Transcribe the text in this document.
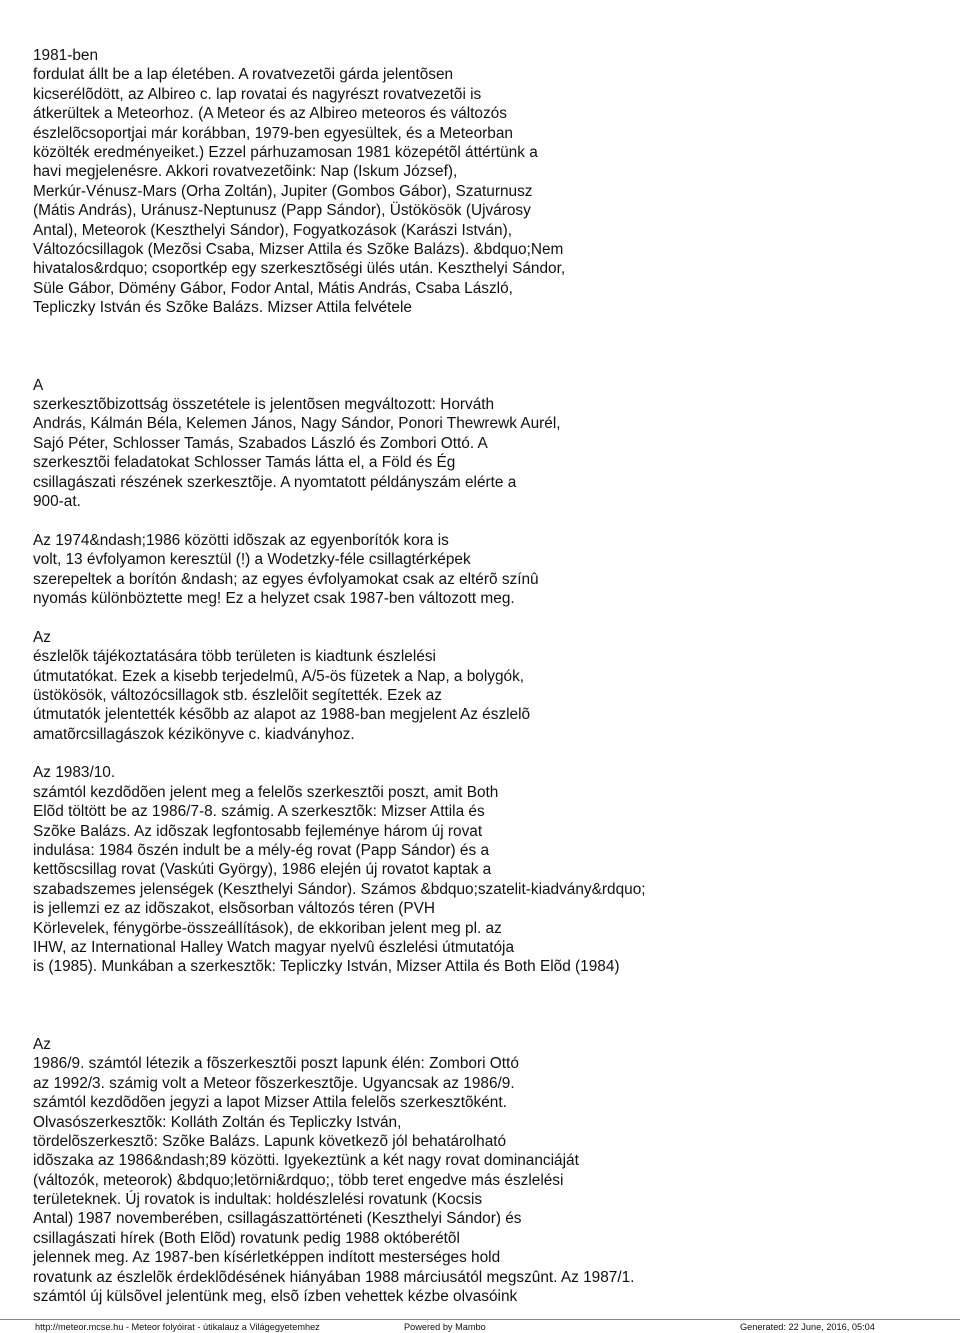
1981-ben
fordulat állt be a lap életében. A rovatvezetõi gárda jelentõsen
kicserélõdött, az Albireo c. lap rovatai és nagyrészt rovatvezetõi is
átkerültek a Meteorhoz. (A Meteor és az Albireo meteoros és változós
észlelõcsoportjai már korábban, 1979-ben egyesültek, és a Meteorban
közölték eredményeiket.) Ezzel párhuzamosan 1981 közepétõl áttértünk a
havi megjelenésre. Akkori rovatvezetõink: Nap (Iskum József),
Merkúr-Vénusz-Mars (Orha Zoltán), Jupiter (Gombos Gábor), Szaturnusz
(Mátis András), Uránusz-Neptunusz (Papp Sándor), Üstökösök (Ujvárosy
Antal), Meteorok (Keszthelyi Sándor), Fogyatkozások (Karászi István),
Változócsillagok (Mezõsi Csaba, Mizser Attila és Szõke Balázs). &bdquo;Nem
hivatalos&rdquo; csoportkép egy szerkesztõségi ülés után. Keszthelyi Sándor,
Süle Gábor, Dömény Gábor, Fodor Antal, Mátis András, Csaba László,
Tepliczky István és Szõke Balázs. Mizser Attila felvétele
A
szerkesztõbizottság összetétele is jelentõsen megváltozott: Horváth
András, Kálmán Béla, Kelemen János, Nagy Sándor, Ponori Thewrewk Aurél,
Sajó Péter, Schlosser Tamás, Szabados László és Zombori Ottó. A
szerkesztõi feladatokat Schlosser Tamás látta el, a Föld és Ég
csillagászati részének szerkesztõje. A nyomtatott példányszám elérte a
900-at.
Az 1974&ndash;1986 közötti idõszak az egyenborítók kora is
volt, 13 évfolyamon keresztül (!) a Wodetzky-féle csillagtérképek
szerepeltek a borítón &ndash; az egyes évfolyamokat csak az eltérõ színû
nyomás különböztette meg! Ez a helyzet csak 1987-ben változott meg.
Az
észlelõk tájékoztatására több területen is kiadtunk észlelési
útmutatókat. Ezek a kisebb terjedelmû, A/5-ös füzetek a Nap, a bolygók,
üstökösök, változócsillagok stb. észlelõit segítették. Ezek az
útmutatók jelentették késõbb az alapot az 1988-ban megjelent Az észlelõ
amatõrcsillagászok kézikönyve c. kiadványhoz.
Az 1983/10.
számtól kezdõdõen jelent meg a felelõs szerkesztõi poszt, amit Both
Elõd töltött be az 1986/7-8. számig. A szerkesztõk: Mizser Attila és
Szõke Balázs. Az idõszak legfontosabb fejleménye három új rovat
indulása: 1984 õszén indult be a mély-ég rovat (Papp Sándor) és a
kettõscsillag rovat (Vaskúti György), 1986 elején új rovatot kaptak a
szabadszemes jelenségek (Keszthelyi Sándor). Számos &bdquo;szatelit-kiadvány&rdquo;
is jellemzi ez az idõszakot, elsõsorban változós téren (PVH
Körlevelek, fénygörbe-összeállítások), de ekkoriban jelent meg pl. az
IHW, az International Halley Watch magyar nyelvû észlelési útmutatója
is (1985). Munkában a szerkesztõk: Tepliczky István, Mizser Attila és Both Elõd (1984)
Az
1986/9. számtól létezik a fõszerkesztõi poszt lapunk élén: Zombori Ottó
az 1992/3. számig volt a Meteor fõszerkesztõje. Ugyancsak az 1986/9.
számtól kezdõdõen jegyzi a lapot Mizser Attila felelõs szerkesztõként.
Olvasószerkesztõk: Kolláth Zoltán és Tepliczky István,
tördelõszerkesztõ: Szõke Balázs. Lapunk következõ jól behatárolható
idõszaka az 1986&ndash;89 közötti. Igyekeztünk a két nagy rovat dominanciáját
(változók, meteorok) &bdquo;letörni&rdquo;, több teret engedve más észlelési
területeknek. Új rovatok is indultak: holdészlelési rovatunk (Kocsis
Antal) 1987 novemberében, csillagászattörténeti (Keszthelyi Sándor) és
csillagászati hírek (Both Elõd) rovatunk pedig 1988 októberétõl
jelennek meg. Az 1987-ben kísérletképpen indított mesterséges hold
rovatunk az észlelõk érdeklõdésének hiányában 1988 márciusától megszûnt. Az 1987/1.
számtól új külsõvel jelentünk meg, elsõ ízben vehettek kézbe olvasóink
http://meteor.mcse.hu - Meteor folyóirat - útikalauz a Világegyetemhez	Powered by Mambo	Generated: 22 June, 2016, 05:04
